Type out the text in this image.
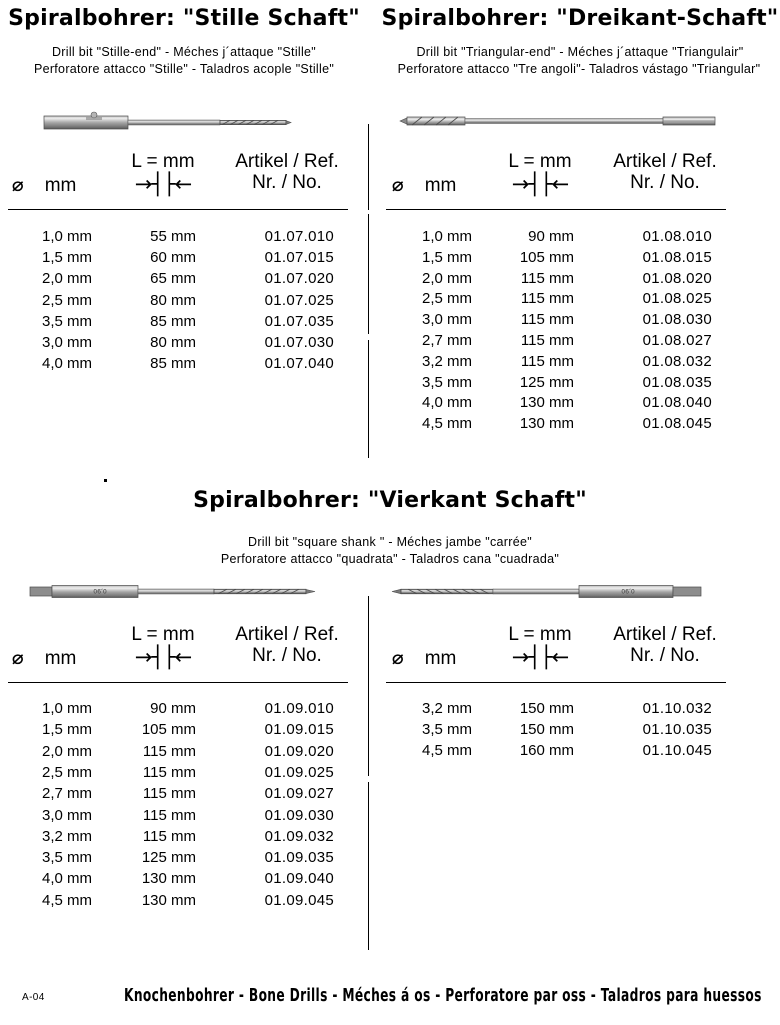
Spiralbohrer: "Stille Schaft"
Drill bit "Stille-end" - Méches j´attaque "Stille"
Perforatore attacco "Stille" - Taladros acople "Stille"
⌀ mm
L = mm
→┤├←
Artikel / Ref.
Nr. / No.
1,0 mm	55 mm	01.07.010
1,5 mm	60 mm	01.07.015
2,0 mm	65 mm	01.07.020
2,5 mm	80 mm	01.07.025
3,5 mm	85 mm	01.07.035
3,0 mm	80 mm	01.07.030
4,0 mm	85 mm	01.07.040
Spiralbohrer: "Dreikant-Schaft"
Drill bit "Triangular-end" - Méches j´attaque "Triangulair"
Perforatore attacco "Tre angoli"- Taladros vástago "Triangular"
⌀ mm
L = mm
→┤├←
Artikel / Ref.
Nr. / No.
1,0 mm	90 mm	01.08.010
1,5 mm	105 mm	01.08.015
2,0 mm	115 mm	01.08.020
2,5 mm	115 mm	01.08.025
3,0 mm	115 mm	01.08.030
2,7 mm	115 mm	01.08.027
3,2 mm	115 mm	01.08.032
3,5 mm	125 mm	01.08.035
4,0 mm	130 mm	01.08.040
4,5 mm	130 mm	01.08.045
Spiralbohrer: "Vierkant Schaft"
Drill bit "square shank " - Méches jambe "carrée"
Perforatore attacco "quadrata" - Taladros cana "cuadrada"
0,90
⌀ mm
L = mm
→┤├←
Artikel / Ref.
Nr. / No.
1,0 mm	90 mm	01.09.010
1,5 mm	105 mm	01.09.015
2,0 mm	115 mm	01.09.020
2,5 mm	115 mm	01.09.025
2,7 mm	115 mm	01.09.027
3,0 mm	115 mm	01.09.030
3,2 mm	115 mm	01.09.032
3,5 mm	125 mm	01.09.035
4,0 mm	130 mm	01.09.040
4,5 mm	130 mm	01.09.045
0,90
⌀ mm
L = mm
→┤├←
Artikel / Ref.
Nr. / No.
3,2 mm	150 mm	01.10.032
3,5 mm	150 mm	01.10.035
4,5 mm	160 mm	01.10.045
A-04	Knochenbohrer - Bone Drills - Méches á os - Perforatore par oss - Taladros para huessos
